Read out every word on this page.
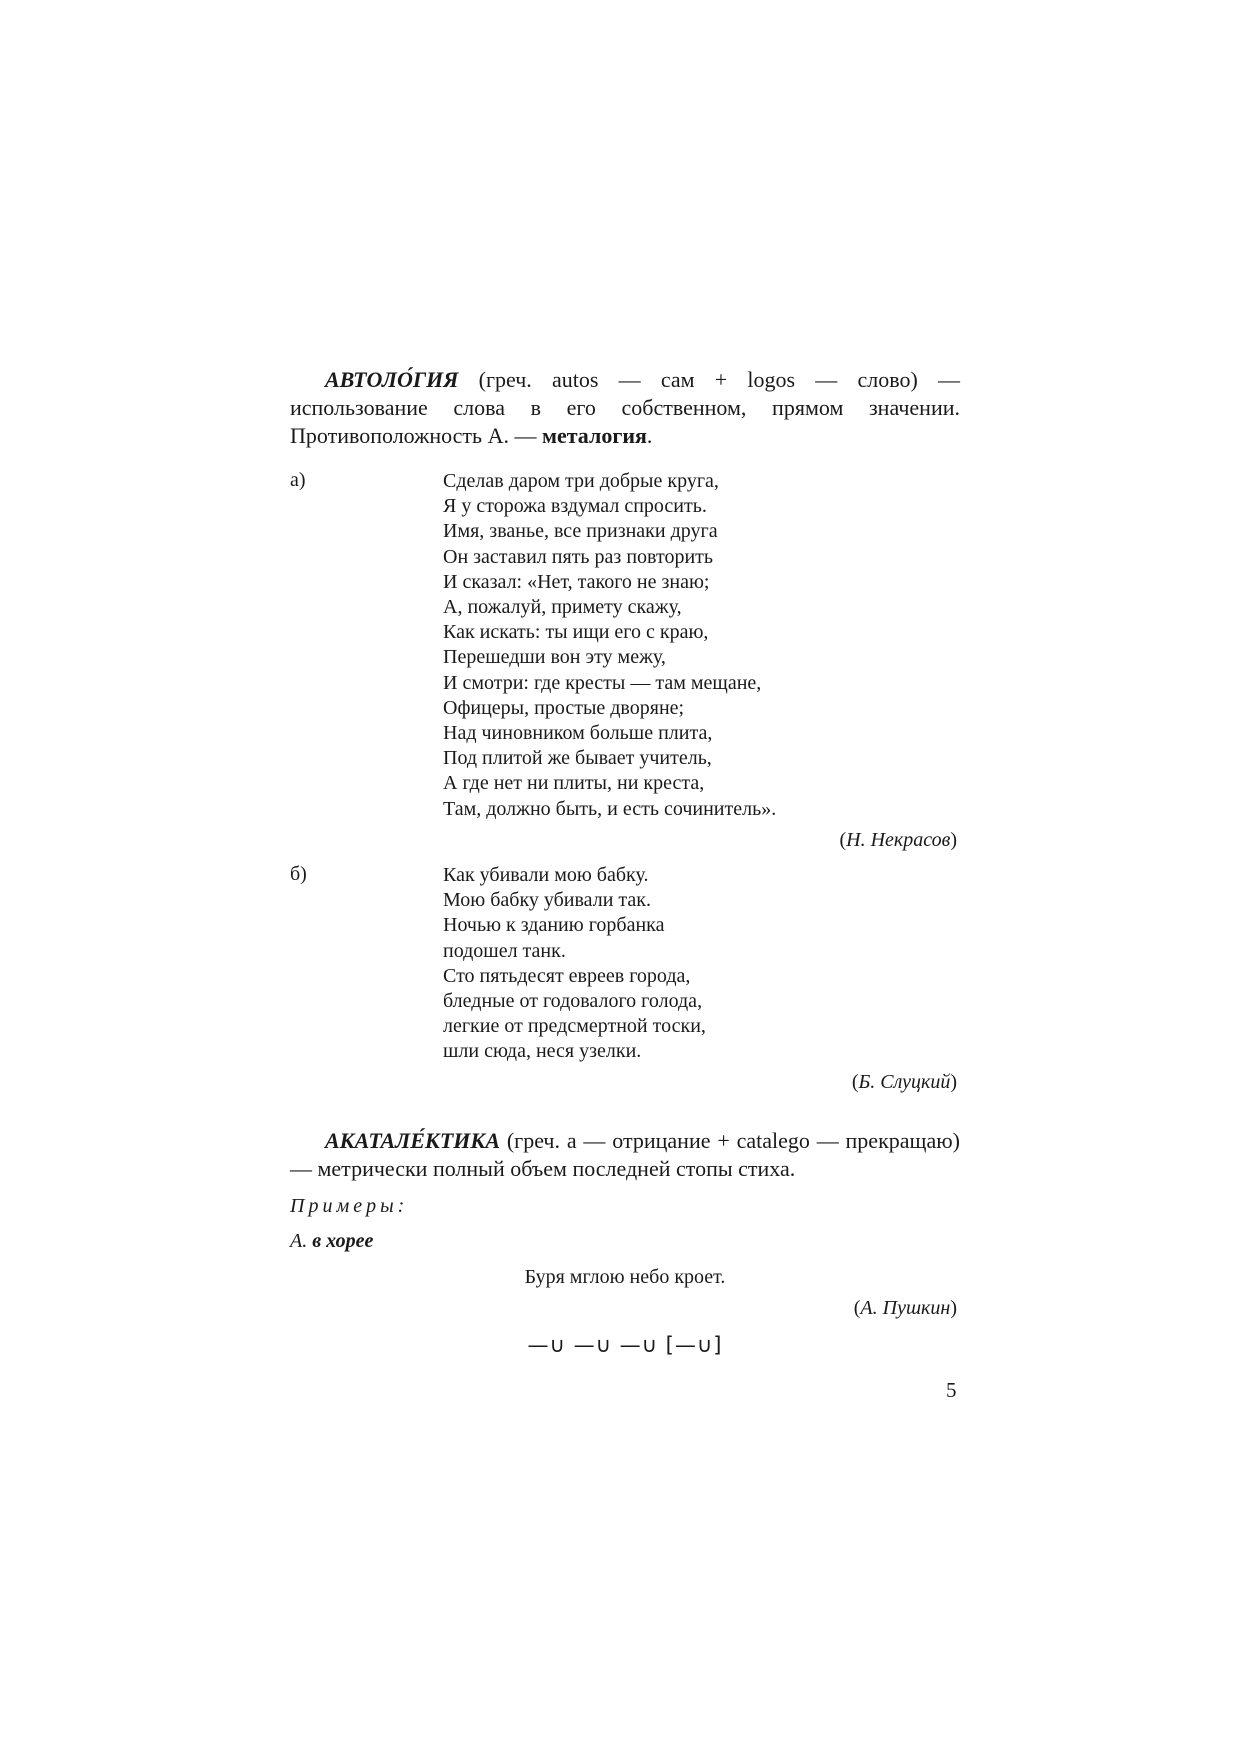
АВТОЛО́ГИЯ (греч. autos — сам + logos — слово) — использование слова в его собственном, прямом значении. Противоположность А. — металогия.

а)	Сделав даром три добрые круга,
Я у сторожа вздумал спросить.
Имя, званье, все признаки друга
Он заставил пять раз повторить
И сказал: «Нет, такого не знаю;
А, пожалуй, примету скажу,
Как искать: ты ищи его с краю,
Перешедши вон эту межу,
И смотри: где кресты — там мещане,
Офицеры, простые дворяне;
Над чиновником больше плита,
Под плитой же бывает учитель,
А где нет ни плиты, ни креста,
Там, должно быть, и есть сочинитель».
(Н. Некрасов)
б)	Как убивали мою бабку.
Мою бабку убивали так.
Ночью к зданию горбанка
подошел танк.
Сто пятьдесят евреев города,
бледные от годовалого голода,
легкие от предсмертной тоски,
шли сюда, неся узелки.
(Б. Слуцкий)

АКАТАЛЕ́КТИКА (греч. a — отрицание + catalego — прекращаю) — метрически полный объем последней стопы стиха.

Примеры:
А. в хорее
Буря мглою небо кроет.
(А. Пушкин)
—∪ —∪ —∪ [—∪]
5
